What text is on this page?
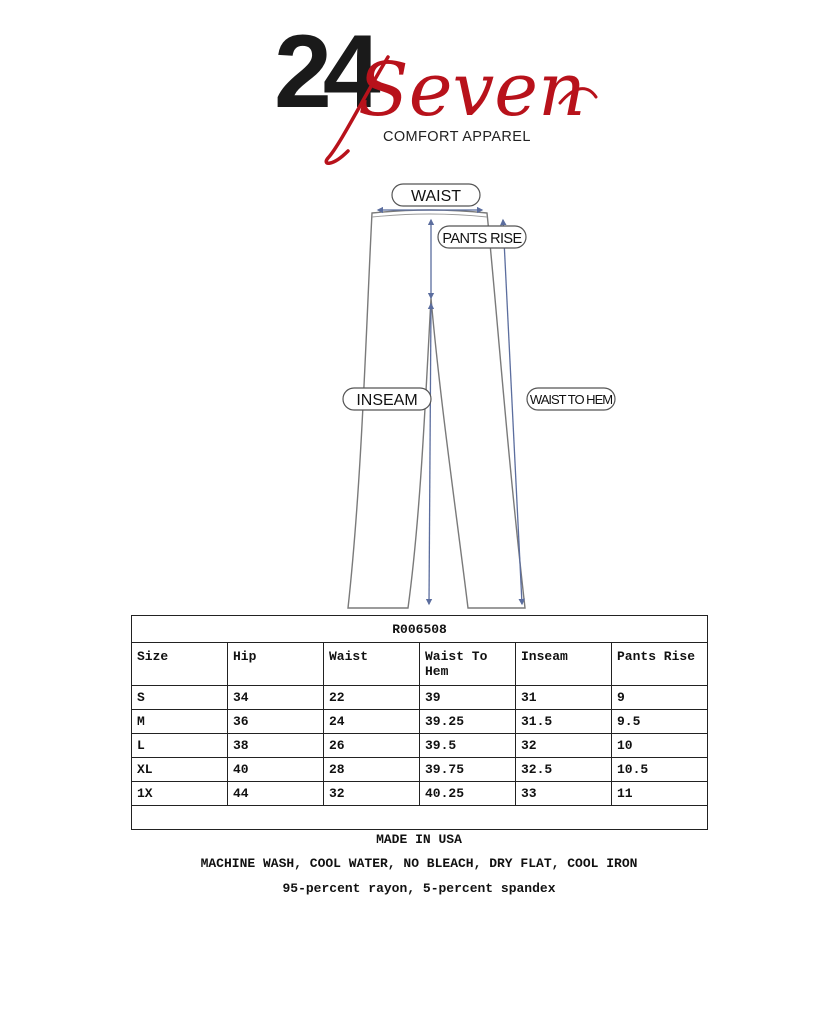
24
Seven
COMFORT APPAREL
WAIST
PANTS RISE
INSEAM	WAIST TO HEM
R006508					
Size	Hip	Waist	Waist To Hem	Inseam	Pants Rise
S	34	22	39	31	9
M	36	24	39.25	31.5	9.5
L	38	26	39.5	32	10
XL	40	28	39.75	32.5	10.5
1X	44	32	40.25	33	11

MADE IN USA
MACHINE WASH, COOL WATER, NO BLEACH, DRY FLAT, COOL IRON
95-percent rayon, 5-percent spandex
